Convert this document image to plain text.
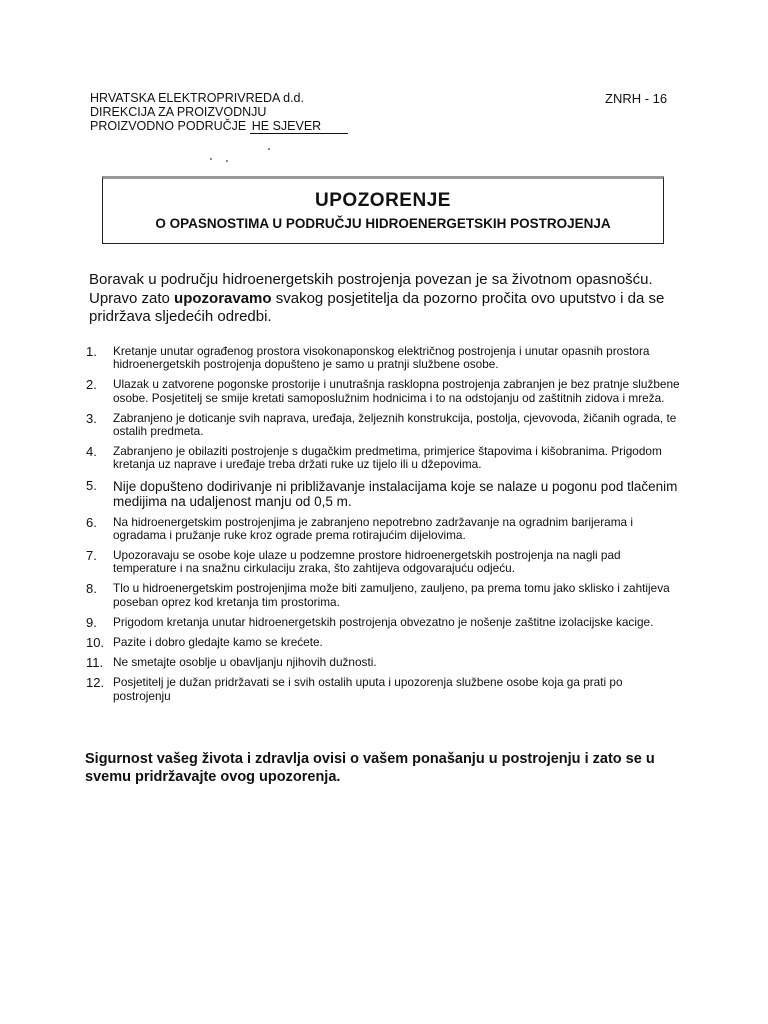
HRVATSKA ELEKTROPRIVREDA d.d.
DIREKCIJA ZA PROIZVODNJU
PROIZVODNO PODRUČJE HE SJEVER
ZNRH - 16
UPOZORENJE
O OPASNOSTIMA U PODRUČJU HIDROENERGETSKIH POSTROJENJA
Boravak u području hidroenergetskih postrojenja povezan je sa životnom opasnošću. Upravo zato upozoravamo svakog posjetitelja da pozorno pročita ovo uputstvo i da se pridržava sljedećih odredbi.
1.	Kretanje unutar ograđenog prostora visokonaponskog električnog postrojenja i unutar opasnih prostora hidroenergetskih postrojenja dopušteno je samo u pratnji službene osobe.
2.	Ulazak u zatvorene pogonske prostorije i unutrašnja rasklopna postrojenja zabranjen je bez pratnje službene osobe. Posjetitelj se smije kretati samoposlužnim hodnicima i to na odstojanju od zaštitnih zidova i mreža.
3.	Zabranjeno je doticanje svih naprava, uređaja, željeznih konstrukcija, postolja, cjevovoda, žičanih ograda, te ostalih predmeta.
4.	Zabranjeno je obilaziti postrojenje s dugačkim predmetima, primjerice štapovima i kišobranima. Prigodom kretanja uz naprave i uređaje treba držati ruke uz tijelo ili u džepovima.
5.	Nije dopušteno dodirivanje ni približavanje instalacijama koje se nalaze u pogonu pod tlačenim medijima na udaljenost manju od 0,5 m.
6.	Na hidroenergetskim postrojenjima je zabranjeno nepotrebno zadržavanje na ogradnim barijerama i ogradama i pružanje ruke kroz ograde prema rotirajućim dijelovima.
7.	Upozoravaju se osobe koje ulaze u podzemne prostore hidroenergetskih postrojenja na nagli pad temperature i na snažnu cirkulaciju zraka, što zahtijeva odgovarajuću odjeću.
8.	Tlo u hidroenergetskim postrojenjima može biti zamuljeno, zauljeno, pa prema tomu jako sklisko i zahtijeva poseban oprez kod kretanja tim prostorima.
9.	Prigodom kretanja unutar hidroenergetskih postrojenja obvezatno je nošenje zaštitne izolacijske kacige.
10. Pazite i dobro gledajte kamo se krećete.
11. Ne smetajte osoblje u obavljanju njihovih dužnosti.
12. Posjetitelj je dužan pridržavati se i svih ostalih uputa i upozorenja službene osobe koja ga prati po postrojenju
Sigurnost vašeg života i zdravlja ovisi o vašem ponašanju u postrojenju i zato se u svemu pridržavajte ovog upozorenja.
